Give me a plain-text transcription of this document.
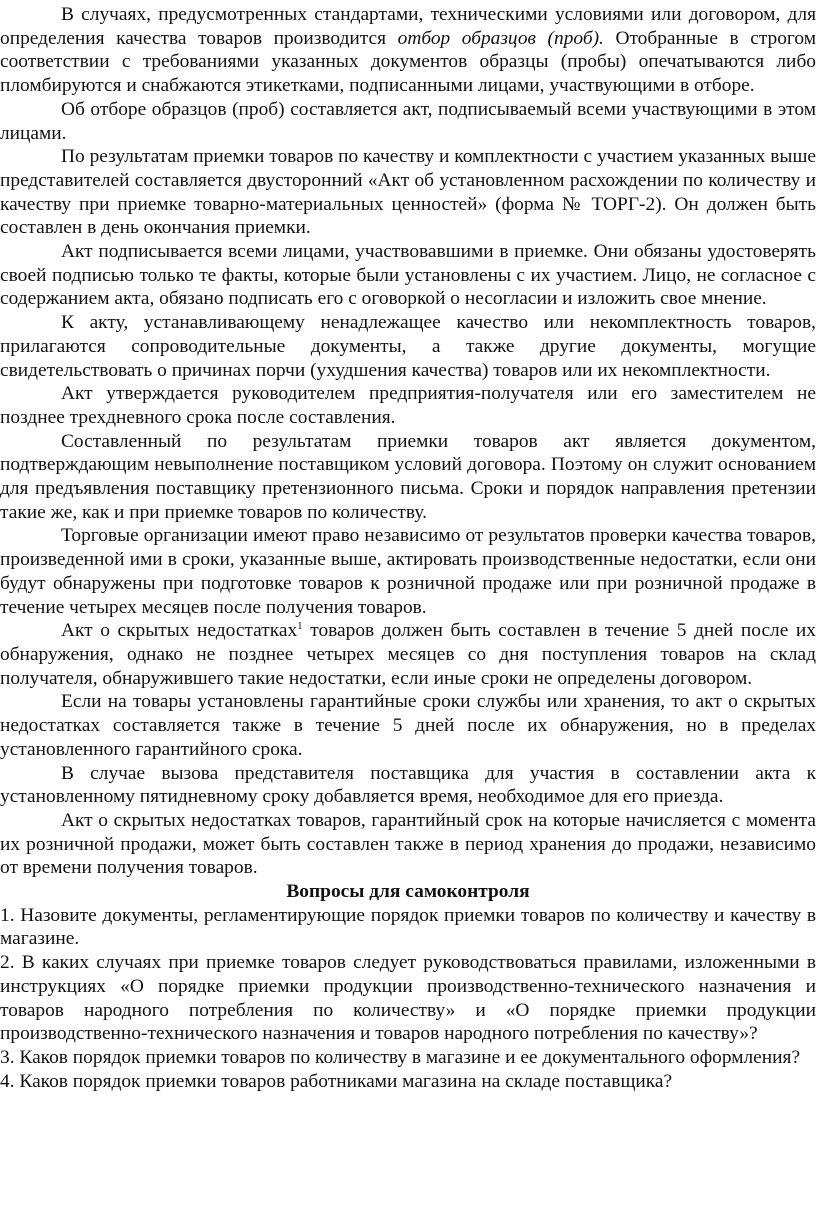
В случаях, предусмотренных стандартами, техническими условиями или договором, для определения качества товаров производится отбор образцов (проб). Отобранные в строгом соответствии с требованиями указанных документов образцы (пробы) опечатываются либо пломбируются и снабжаются этикетками, подписанными лицами, участвующими в отборе.

Об отборе образцов (проб) составляется акт, подписываемый всеми участвующими в этом лицами.

По результатам приемки товаров по качеству и комплектности с участием указанных выше представителей составляется двусторонний «Акт об установленном расхождении по количеству и качеству при приемке товарно-материальных ценностей» (форма № ТОРГ-2). Он должен быть составлен в день окончания приемки.

Акт подписывается всеми лицами, участвовавшими в приемке. Они обязаны удостоверять своей подписью только те факты, которые были установлены с их участием. Лицо, не согласное с содержанием акта, обязано подписать его с оговоркой о несогласии и изложить свое мнение.

К акту, устанавливающему ненадлежащее качество или некомплектность товаров, прилагаются сопроводительные документы, а также другие документы, могущие свидетельствовать о причинах порчи (ухудшения качества) товаров или их некомплектности.

Акт утверждается руководителем предприятия-получателя или его заместителем не позднее трехдневного срока после составления.

Составленный по результатам приемки товаров акт является документом, подтверждающим невыполнение поставщиком условий договора. Поэтому он служит основанием для предъявления поставщику претензионного письма. Сроки и порядок направления претензии такие же, как и при приемке товаров по количеству.

Торговые организации имеют право независимо от результатов проверки качества товаров, произведенной ими в сроки, указанные выше, актировать производственные недостатки, если они будут обнаружены при подготовке товаров к розничной продаже или при розничной продаже в течение четырех месяцев после получения товаров.

Акт о скрытых недостатках$^1$ товаров должен быть составлен в течение 5 дней после их обнаружения, однако не позднее четырех месяцев со дня поступления товаров на склад получателя, обнаружившего такие недостатки, если иные сроки не определены договором.

Если на товары установлены гарантийные сроки службы или хранения, то акт о скрытых недостатках составляется также в течение 5 дней после их обнаружения, но в пределах установленного гарантийного срока.

В случае вызова представителя поставщика для участия в составлении акта к установленному пятидневному сроку добавляется время, необходимое для его приезда.

Акт о скрытых недостатках товаров, гарантийный срок на которые начисляется с момента их розничной продажи, может быть составлен также в период хранения до продажи, независимо от времени получения товаров.

Вопросы для самоконтроля

1. Назовите документы, регламентирующие порядок приемки товаров по количеству и качеству в магазине.

2. В каких случаях при приемке товаров следует руководствоваться правилами, изложенными в инструкциях «О порядке приемки продукции производственно-технического назначения и товаров народного потребления по количеству» и «О порядке приемки продукции производственно-технического назначения и товаров народного потребления по качеству»?

3. Каков порядок приемки товаров по количеству в магазине и ее документального оформления?

4. Каков порядок приемки товаров работниками магазина на складе поставщика?
